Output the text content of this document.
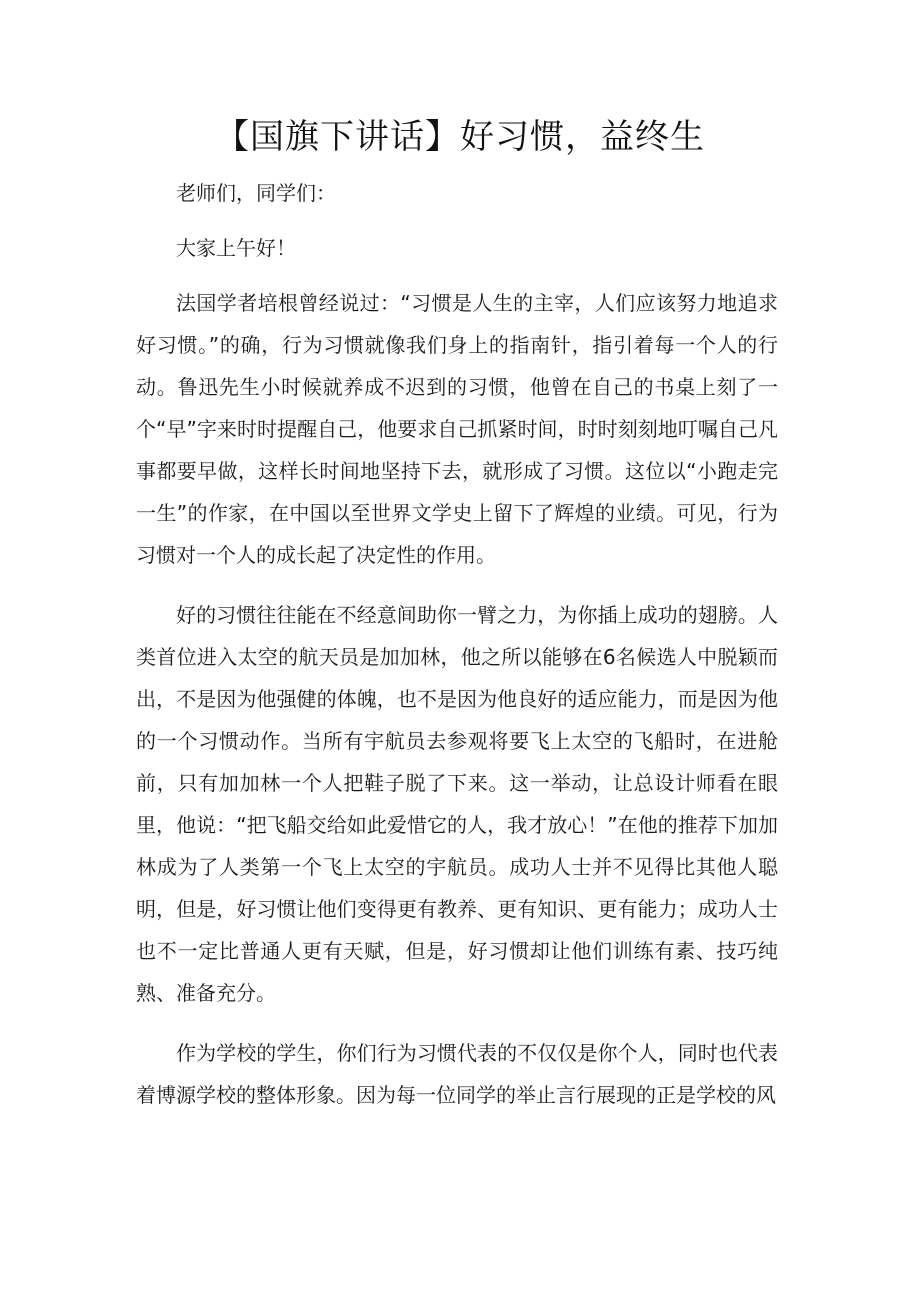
【国旗下讲话】好习惯，益终生

老师们，同学们：

大家上午好！

法国学者培根曾经说过：“习惯是人生的主宰，人们应该努力地追求好习惯。”的确，行为习惯就像我们身上的指南针，指引着每一个人的行动。鲁迅先生小时候就养成不迟到的习惯，他曾在自己的书桌上刻了一个“早”字来时时提醒自己，他要求自己抓紧时间，时时刻刻地叮嘱自己凡事都要早做，这样长时间地坚持下去，就形成了习惯。这位以“小跑走完一生”的作家，在中国以至世界文学史上留下了辉煌的业绩。可见，行为习惯对一个人的成长起了决定性的作用。

好的习惯往往能在不经意间助你一臂之力，为你插上成功的翅膀。人类首位进入太空的航天员是加加林，他之所以能够在6名候选人中脱颖而出，不是因为他强健的体魄，也不是因为他良好的适应能力，而是因为他的一个习惯动作。当所有宇航员去参观将要飞上太空的飞船时，在进舱前，只有加加林一个人把鞋子脱了下来。这一举动，让总设计师看在眼里，他说：“把飞船交给如此爱惜它的人，我才放心！”在他的推荐下加加林成为了人类第一个飞上太空的宇航员。成功人士并不见得比其他人聪明，但是，好习惯让他们变得更有教养、更有知识、更有能力；成功人士也不一定比普通人更有天赋，但是，好习惯却让他们训练有素、技巧纯熟、准备充分。

作为学校的学生，你们行为习惯代表的不仅仅是你个人，同时也代表着博源学校的整体形象。因为每一位同学的举止言行展现的正是学校的风
